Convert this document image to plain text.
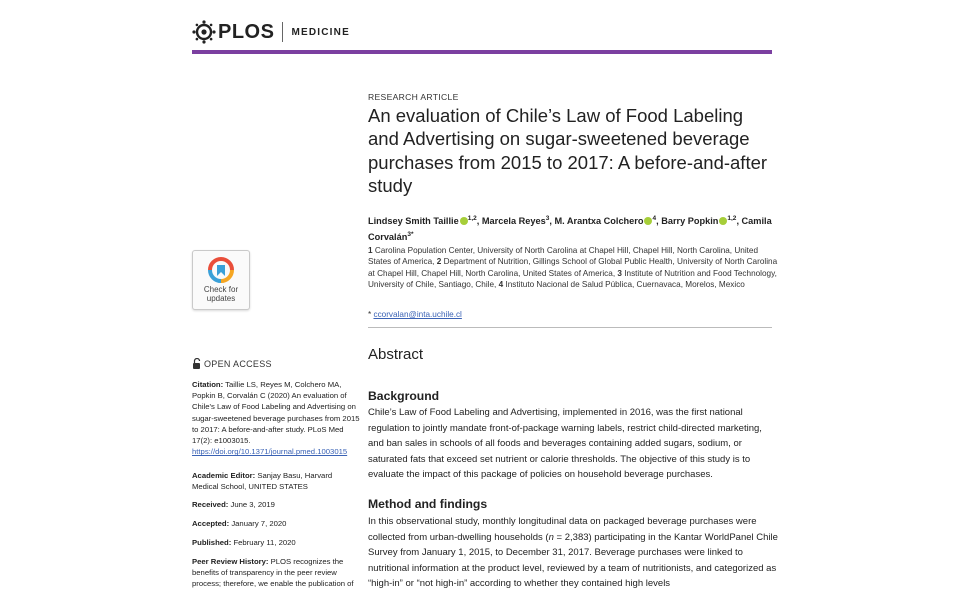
PLOS MEDICINE
Check for updates
OPEN ACCESS
Citation: Taillie LS, Reyes M, Colchero MA, Popkin B, Corvalán C (2020) An evaluation of Chile's Law of Food Labeling and Advertising on sugar-sweetened beverage purchases from 2015 to 2017: A before-and-after study. PLoS Med 17(2): e1003015. https://doi.org/10.1371/journal.pmed.1003015
Academic Editor: Sanjay Basu, Harvard Medical School, UNITED STATES
Received: June 3, 2019
Accepted: January 7, 2020
Published: February 11, 2020
Peer Review History: PLOS recognizes the benefits of transparency in the peer review process; therefore, we enable the publication of
RESEARCH ARTICLE
An evaluation of Chile’s Law of Food Labeling and Advertising on sugar-sweetened beverage purchases from 2015 to 2017: A before-and-after study
Lindsey Smith Taillie $^{1,2}$, Marcela Reyes$^3$, M. Arantxa Colchero $^4$, Barry Popkin $^{1,2}$, Camila Corvalán$^{3*}$
1 Carolina Population Center, University of North Carolina at Chapel Hill, Chapel Hill, North Carolina, United States of America, 2 Department of Nutrition, Gillings School of Global Public Health, University of North Carolina at Chapel Hill, Chapel Hill, North Carolina, United States of America, 3 Institute of Nutrition and Food Technology, University of Chile, Santiago, Chile, 4 Instituto Nacional de Salud Pública, Cuernavaca, Morelos, Mexico
* ccorvalan@inta.uchile.cl
Abstract
Background
Chile’s Law of Food Labeling and Advertising, implemented in 2016, was the first national regulation to jointly mandate front-of-package warning labels, restrict child-directed marketing, and ban sales in schools of all foods and beverages containing added sugars, sodium, or saturated fats that exceed set nutrient or calorie thresholds. The objective of this study is to evaluate the impact of this package of policies on household beverage purchases.
Method and findings
In this observational study, monthly longitudinal data on packaged beverage purchases were collected from urban-dwelling households (n = 2,383) participating in the Kantar WorldPanel Chile Survey from January 1, 2015, to December 31, 2017. Beverage purchases were linked to nutritional information at the product level, reviewed by a team of nutritionists, and categorized as “high-in” or “not high-in” according to whether they contained high levels
